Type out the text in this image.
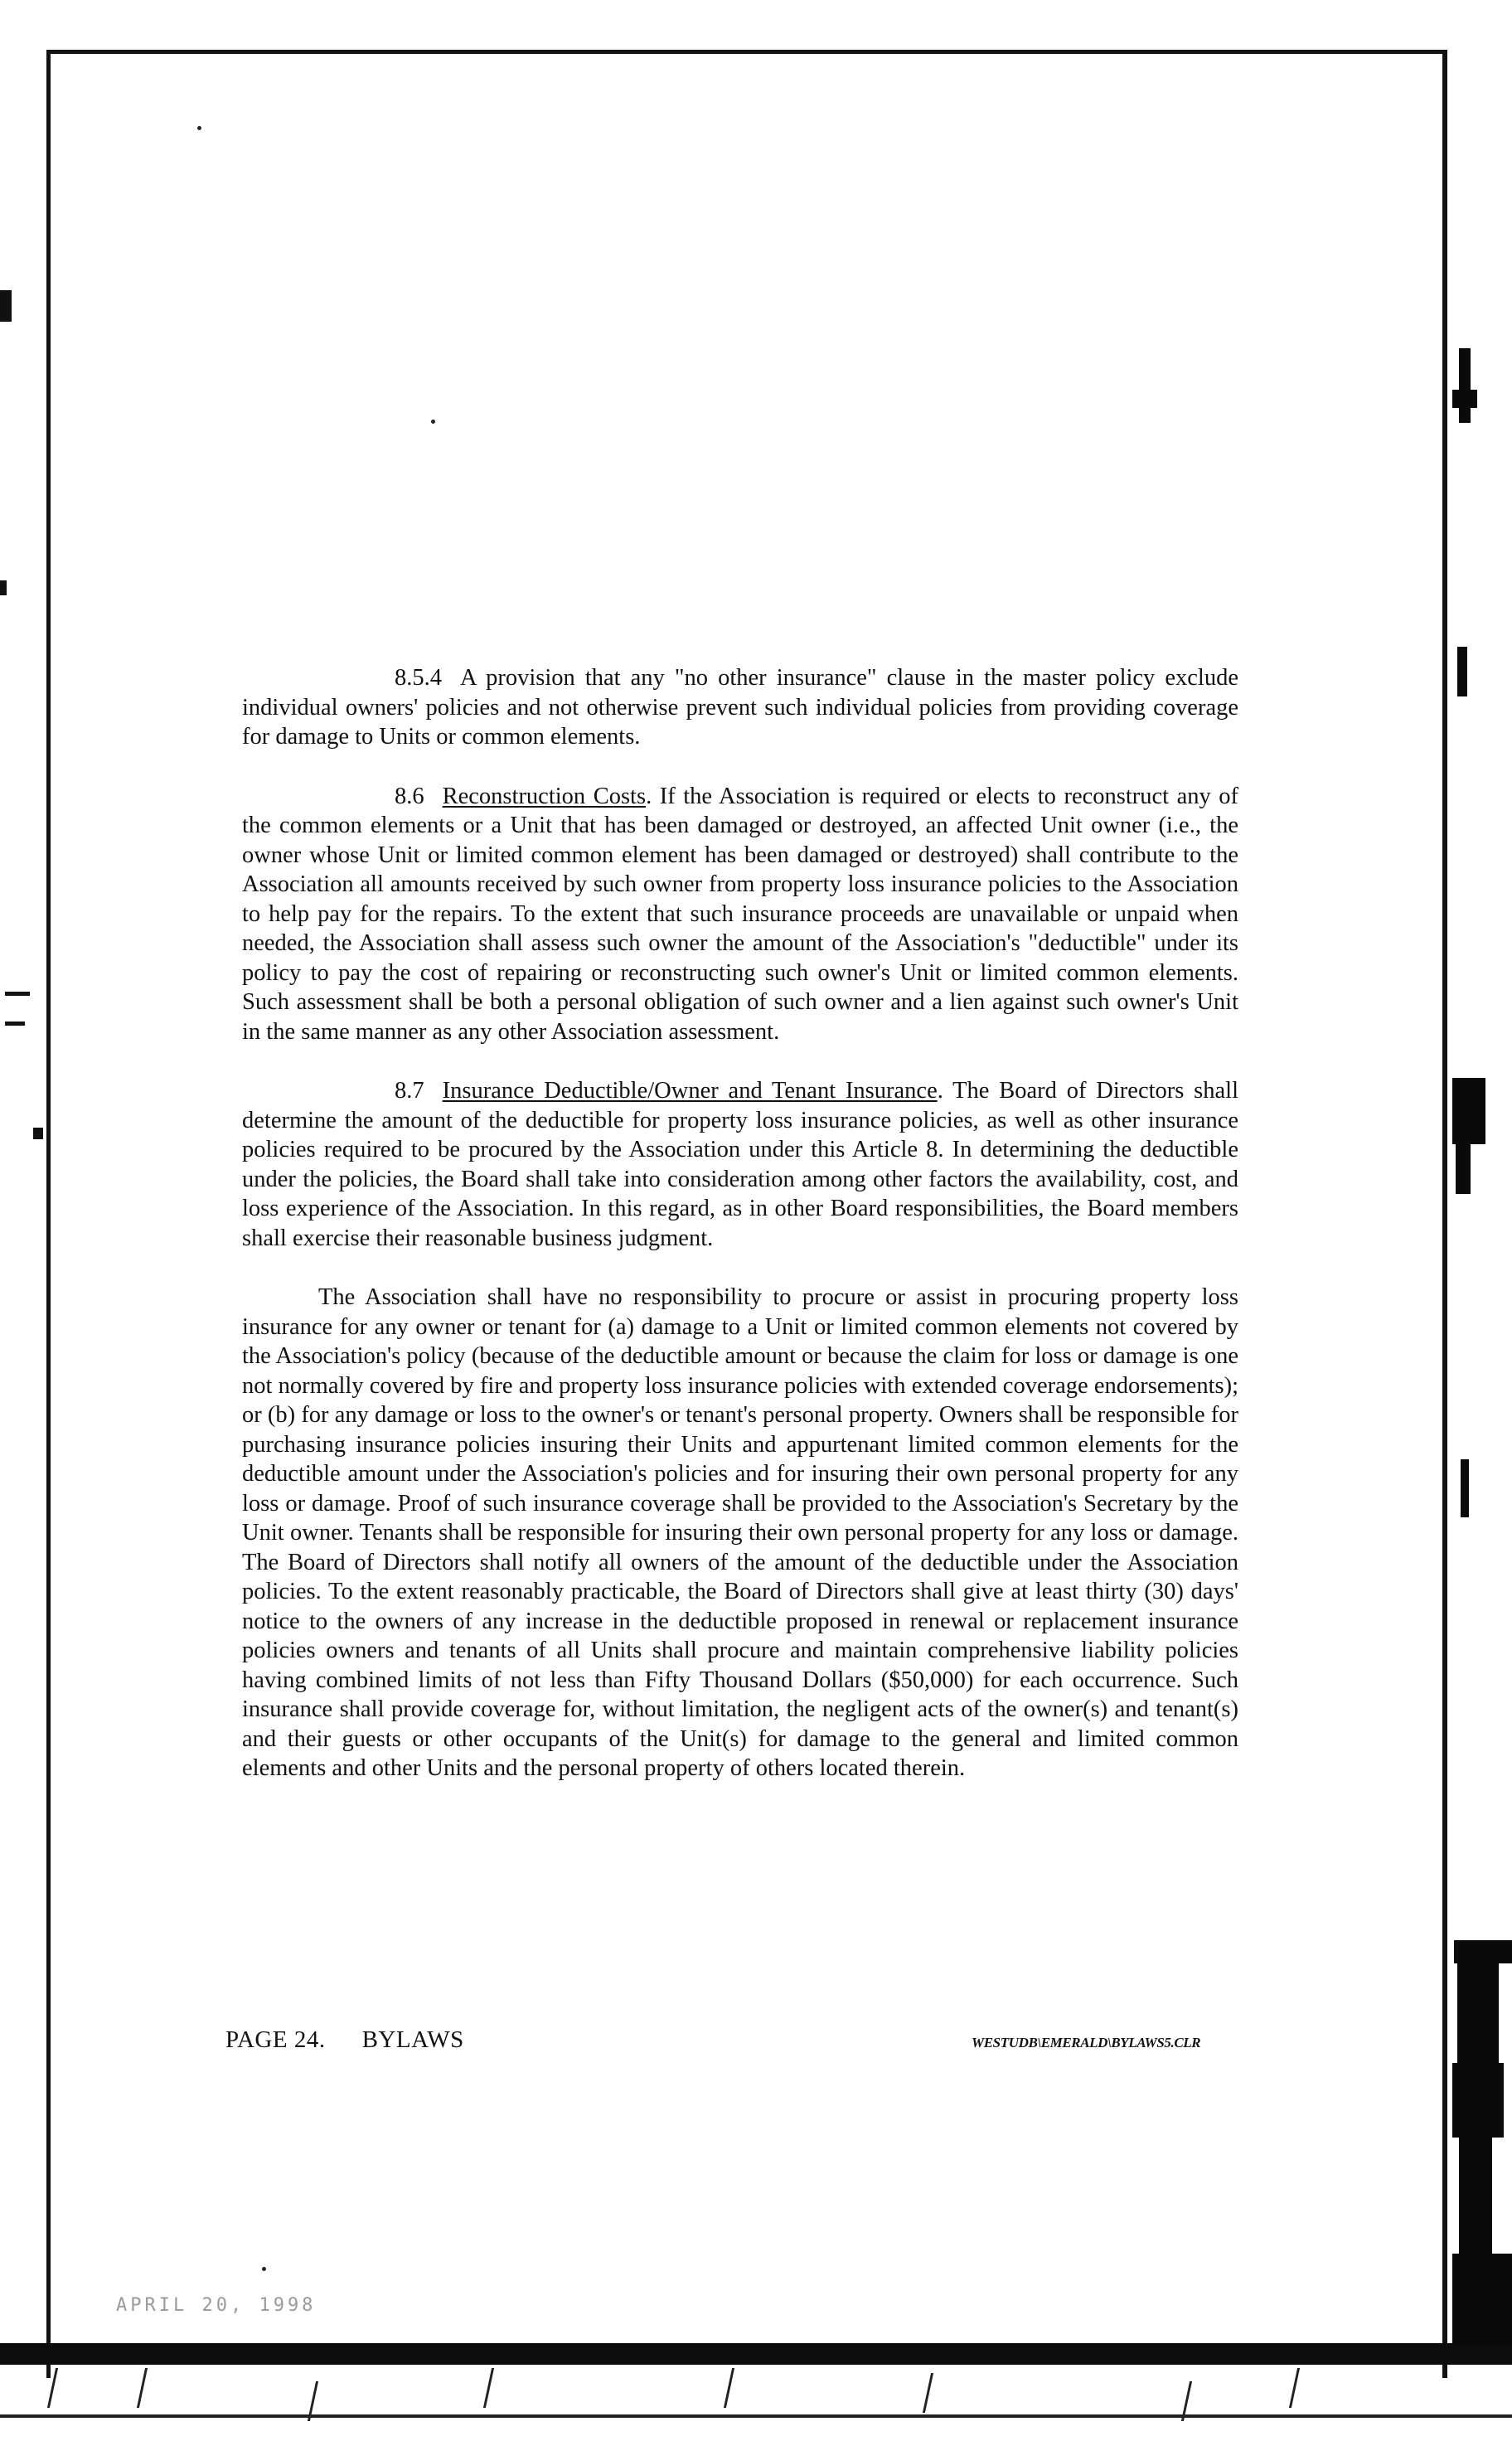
8.5.4 A provision that any "no other insurance" clause in the master policy exclude individual owners' policies and not otherwise prevent such individual policies from providing coverage for damage to Units or common elements.

8.6 Reconstruction Costs. If the Association is required or elects to reconstruct any of the common elements or a Unit that has been damaged or destroyed, an affected Unit owner (i.e., the owner whose Unit or limited common element has been damaged or destroyed) shall contribute to the Association all amounts received by such owner from property loss insurance policies to the Association to help pay for the repairs. To the extent that such insurance proceeds are unavailable or unpaid when needed, the Association shall assess such owner the amount of the Association's "deductible" under its policy to pay the cost of repairing or reconstructing such owner's Unit or limited common elements. Such assessment shall be both a personal obligation of such owner and a lien against such owner's Unit in the same manner as any other Association assessment.

8.7 Insurance Deductible/Owner and Tenant Insurance. The Board of Directors shall determine the amount of the deductible for property loss insurance policies, as well as other insurance policies required to be procured by the Association under this Article 8. In determining the deductible under the policies, the Board shall take into consideration among other factors the availability, cost, and loss experience of the Association. In this regard, as in other Board responsibilities, the Board members shall exercise their reasonable business judgment.

The Association shall have no responsibility to procure or assist in procuring property loss insurance for any owner or tenant for (a) damage to a Unit or limited common elements not covered by the Association's policy (because of the deductible amount or because the claim for loss or damage is one not normally covered by fire and property loss insurance policies with extended coverage endorsements); or (b) for any damage or loss to the owner's or tenant's personal property. Owners shall be responsible for purchasing insurance policies insuring their Units and appurtenant limited common elements for the deductible amount under the Association's policies and for insuring their own personal property for any loss or damage. Proof of such insurance coverage shall be provided to the Association's Secretary by the Unit owner. Tenants shall be responsible for insuring their own personal property for any loss or damage. The Board of Directors shall notify all owners of the amount of the deductible under the Association policies. To the extent reasonably practicable, the Board of Directors shall give at least thirty (30) days' notice to the owners of any increase in the deductible proposed in renewal or replacement insurance policies owners and tenants of all Units shall procure and maintain comprehensive liability policies having combined limits of not less than Fifty Thousand Dollars ($50,000) for each occurrence. Such insurance shall provide coverage for, without limitation, the negligent acts of the owner(s) and tenant(s) and their guests or other occupants of the Unit(s) for damage to the general and limited common elements and other Units and the personal property of others located therein.

PAGE 24. BYLAWS	WESTUDB\EMERALD\BYLAWS5.CLR
APRIL 20, 1998
